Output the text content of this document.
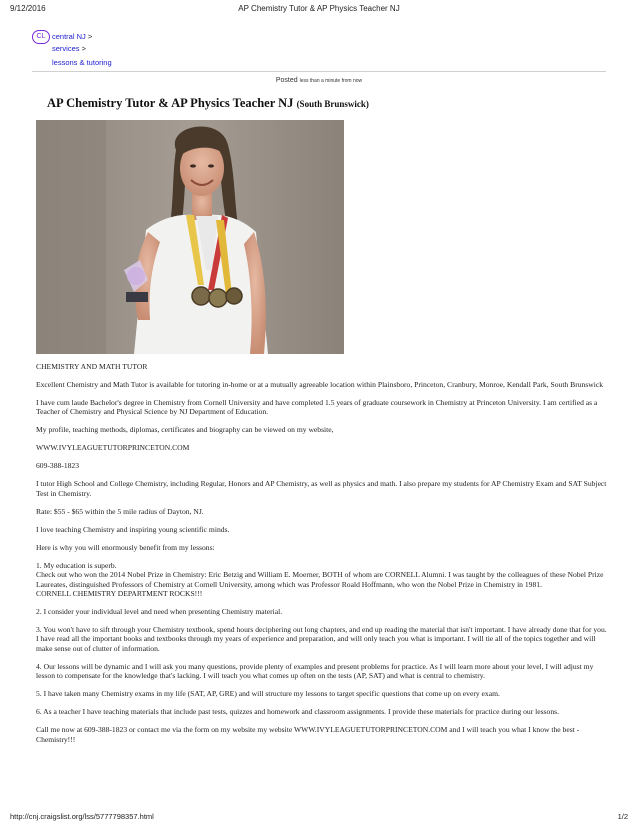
9/12/2016	AP Chemistry Tutor & AP Physics Teacher NJ
CL central NJ >
services >
lessons & tutoring
Posted less than a minute from now
AP Chemistry Tutor & AP Physics Teacher NJ (South Brunswick)

CHEMISTRY AND MATH TUTOR

Excellent Chemistry and Math Tutor is available for tutoring in-home or at a mutually agreeable location within Plainsboro, Princeton, Cranbury, Monroe, Kendall Park, South Brunswick

I have cum laude Bachelor's degree in Chemistry from Cornell University and have completed 1.5 years of graduate coursework in Chemistry at Princeton University. I am certified as a Teacher of Chemistry and Physical Science by NJ Department of Education.

My profile, teaching methods, diplomas, certificates and biography can be viewed on my website,

WWW.IVYLEAGUETUTORPRINCETON.COM

609-388-1823

I tutor High School and College Chemistry, including Regular, Honors and AP Chemistry, as well as physics and math. I also prepare my students for AP Chemistry Exam and SAT Subject Test in Chemistry.

Rate: $55 - $65 within the 5 mile radius of Dayton, NJ.

I love teaching Chemistry and inspiring young scientific minds.

Here is why you will enormously benefit from my lessons:

1. My education is superb.
Check out who won the 2014 Nobel Prize in Chemistry: Eric Betzig and William E. Moerner, BOTH of whom are CORNELL Alumni. I was taught by the colleagues of these Nobel Prize Laureates, distinguished Professors of Chemistry at Cornell University, among which was Professor Roald Hoffmann, who won the Nobel Prize in Chemistry in 1981.
CORNELL CHEMISTRY DEPARTMENT ROCKS!!!

2. I consider your individual level and need when presenting Chemistry material.

3. You won't have to sift through your Chemistry textbook, spend hours deciphering out long chapters, and end up reading the material that isn't important. I have already done that for you. I have read all the important books and textbooks through my years of experience and preparation, and will only teach you what is important. I will tie all of the topics together and will make sense out of clutter of information.

4. Our lessons will be dynamic and I will ask you many questions, provide plenty of examples and present problems for practice. As I will learn more about your level, I will adjust my lesson to compensate for the knowledge that's lacking. I will teach you what comes up often on the tests (AP, SAT) and what is central to chemistry.

5. I have taken many Chemistry exams in my life (SAT, AP, GRE) and will structure my lessons to target specific questions that come up on every exam.

6. As a teacher I have teaching materials that include past tests, quizzes and homework and classroom assignments. I provide these materials for practice during our lessons.

Call me now at 609-388-1823 or contact me via the form on my website my website WWW.IVYLEAGUETUTORPRINCETON.COM and I will teach you what I know the best - Chemistry!!!

http://cnj.craigslist.org/lss/5777798357.html	1/2
